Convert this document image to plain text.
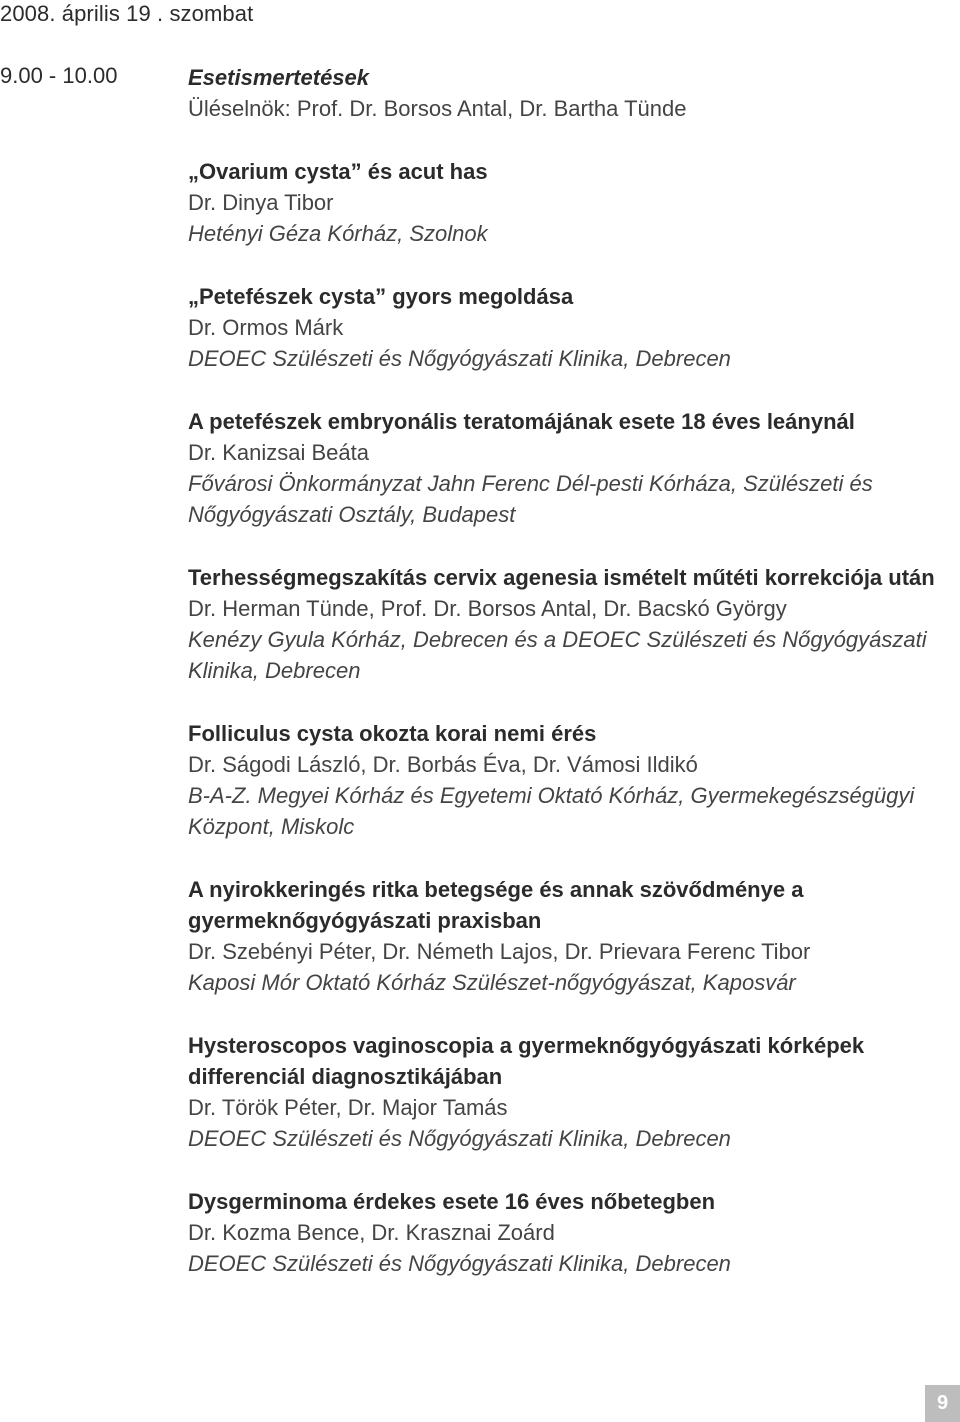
2008. április 19 . szombat
9.00 - 10.00	Esetismertetések
Üléselnök: Prof. Dr. Borsos Antal, Dr. Bartha Tünde
„Ovarium cysta” és acut has
Dr. Dinya Tibor
Hetényi Géza Kórház, Szolnok
„Petefészek cysta” gyors megoldása
Dr. Ormos Márk
DEOEC Szülészeti és Nőgyógyászati Klinika, Debrecen
A petefészek embryonális teratomájának esete 18 éves leánynál
Dr. Kanizsai Beáta
Fővárosi Önkormányzat Jahn Ferenc Dél-pesti Kórháza, Szülészeti és Nőgyógyászati Osztály, Budapest
Terhességmegszakítás cervix agenesia ismételt műtéti korrekciója után
Dr. Herman Tünde, Prof. Dr. Borsos Antal, Dr. Bacskó György
Kenézy Gyula Kórház, Debrecen és a DEOEC Szülészeti és Nőgyógyászati Klinika, Debrecen
Folliculus cysta okozta korai nemi érés
Dr. Ságodi László, Dr. Borbás Éva, Dr. Vámosi Ildikó
B-A-Z. Megyei Kórház és Egyetemi Oktató Kórház, Gyermekegészségügyi Központ, Miskolc
A nyirokkeringés ritka betegsége és annak szövődménye a gyermeknőgyógyászati praxisban
Dr. Szebényi Péter, Dr. Németh Lajos, Dr. Prievara Ferenc Tibor
Kaposi Mór Oktató Kórház Szülészet-nőgyógyászat, Kaposvár
Hysteroscopos vaginoscopia a gyermeknőgyógyászati kórképek differenciál diagnosztikájában
Dr. Török Péter, Dr. Major Tamás
DEOEC Szülészeti és Nőgyógyászati Klinika, Debrecen
Dysgerminoma érdekes esete 16 éves nőbetegben
Dr. Kozma Bence, Dr. Krasznai Zoárd
DEOEC Szülészeti és Nőgyógyászati Klinika, Debrecen
9
